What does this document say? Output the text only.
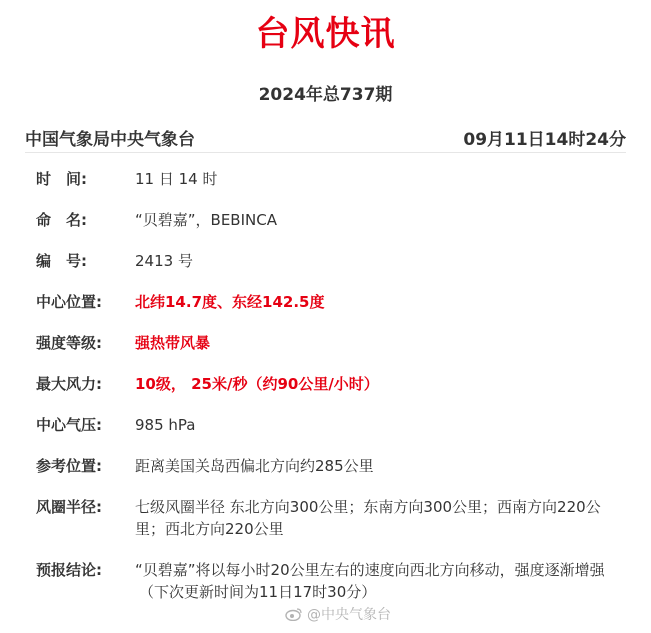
台风快讯
2024年总737期
中国气象局中央气象台	09月11日14时24分
时　间:	11 日 14 时
命　名:	“贝碧嘉”，BEBINCA
编　号:	2413 号
中心位置:	北纬14.7度、东经142.5度
强度等级:	强热带风暴
最大风力:	10级， 25米/秒（约90公里/小时）
中心气压:	985 hPa
参考位置:	距离美国关岛西偏北方向约285公里
风圈半径:	七级风圈半径 东北方向300公里；东南方向300公里；西南方向220公里；西北方向220公里
预报结论:	“贝碧嘉”将以每小时20公里左右的速度向西北方向移动，强度逐渐增强
（下次更新时间为11日17时30分）
@中央气象台
